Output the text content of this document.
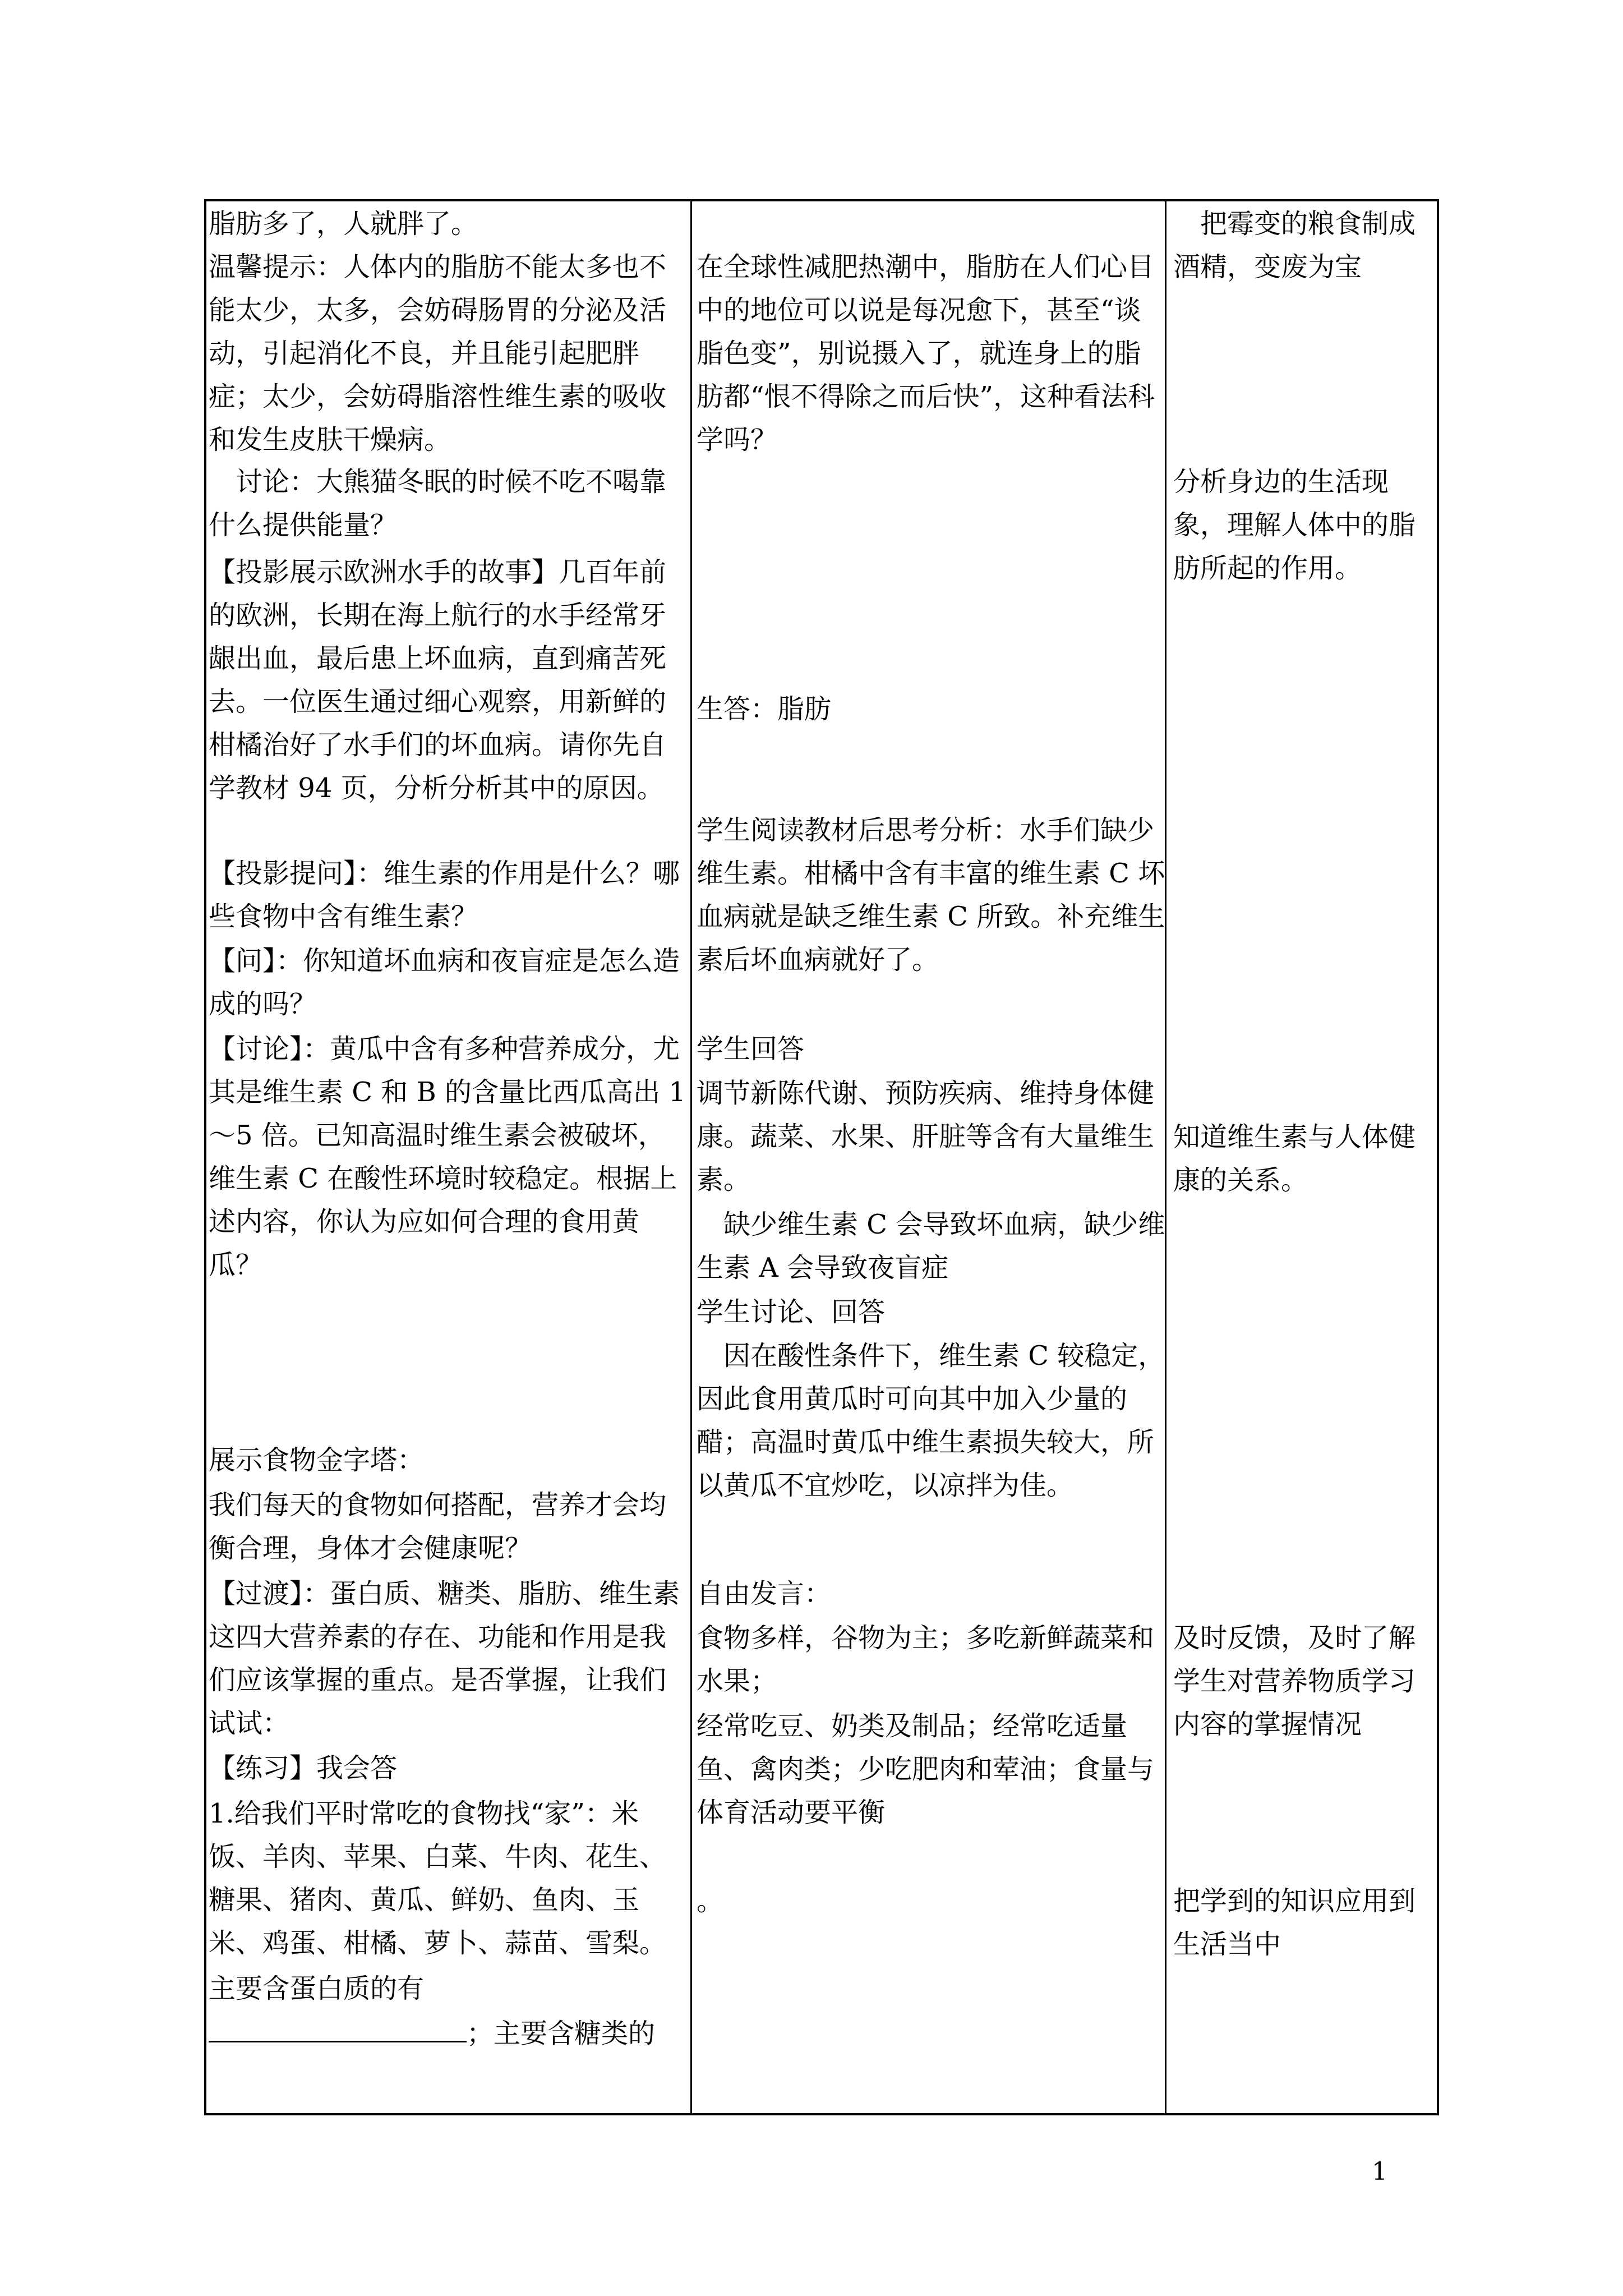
脂肪多了，人就胖了。

温馨提示：人体内的脂肪不能太多也不能太少，太多，会妨碍肠胃的分泌及活动，引起消化不良，并且能引起肥胖症；太少，会妨碍脂溶性维生素的吸收和发生皮肤干燥病。

　讨论：大熊猫冬眠的时候不吃不喝靠什么提供能量？

【投影展示欧洲水手的故事】几百年前的欧洲，长期在海上航行的水手经常牙龈出血，最后患上坏血病，直到痛苦死去。一位医生通过细心观察，用新鲜的柑橘治好了水手们的坏血病。请你先自学教材 94 页，分析分析其中的原因。

【投影提问】：维生素的作用是什么？哪些食物中含有维生素？

【问】：你知道坏血病和夜盲症是怎么造成的吗？

【讨论】：黄瓜中含有多种营养成分，尤其是维生素 C 和 B 的含量比西瓜高出 1～5 倍。已知高温时维生素会被破坏，维生素 C 在酸性环境时较稳定。根据上述内容，你认为应如何合理的食用黄瓜？

展示食物金字塔：

我们每天的食物如何搭配，营养才会均衡合理，身体才会健康呢？

【过渡】：蛋白质、糖类、脂肪、维生素这四大营养素的存在、功能和作用是我们应该掌握的重点。是否掌握，让我们试试：

【练习】我会答

1.给我们平时常吃的食物找“家”：米饭、羊肉、苹果、白菜、牛肉、花生、糖果、猪肉、黄瓜、鲜奶、鱼肉、玉米、鸡蛋、柑橘、萝卜、蒜苗、雪梨。

主要含蛋白质的有

；主要含糖类的

在全球性减肥热潮中，脂肪在人们心目中的地位可以说是每况愈下，甚至“谈脂色变”，别说摄入了，就连身上的脂肪都“恨不得除之而后快”，这种看法科学吗？

生答：脂肪

学生阅读教材后思考分析：水手们缺少维生素。柑橘中含有丰富的维生素 C 坏血病就是缺乏维生素 C 所致。补充维生素后坏血病就好了。

学生回答

调节新陈代谢、预防疾病、维持身体健康。蔬菜、水果、肝脏等含有大量维生素。

　缺少维生素 C 会导致坏血病，缺少维生素 A 会导致夜盲症

学生讨论、回答

　因在酸性条件下，维生素 C 较稳定，因此食用黄瓜时可向其中加入少量的醋；高温时黄瓜中维生素损失较大，所以黄瓜不宜炒吃，以凉拌为佳。

自由发言：

食物多样，谷物为主；多吃新鲜蔬菜和水果；

经常吃豆、奶类及制品；经常吃适量鱼、禽肉类；少吃肥肉和荤油；食量与体育活动要平衡

。

　把霉变的粮食制成酒精，变废为宝

分析身边的生活现象，理解人体中的脂肪所起的作用。

知道维生素与人体健康的关系。

及时反馈，及时了解学生对营养物质学习内容的掌握情况

把学到的知识应用到生活当中

1
